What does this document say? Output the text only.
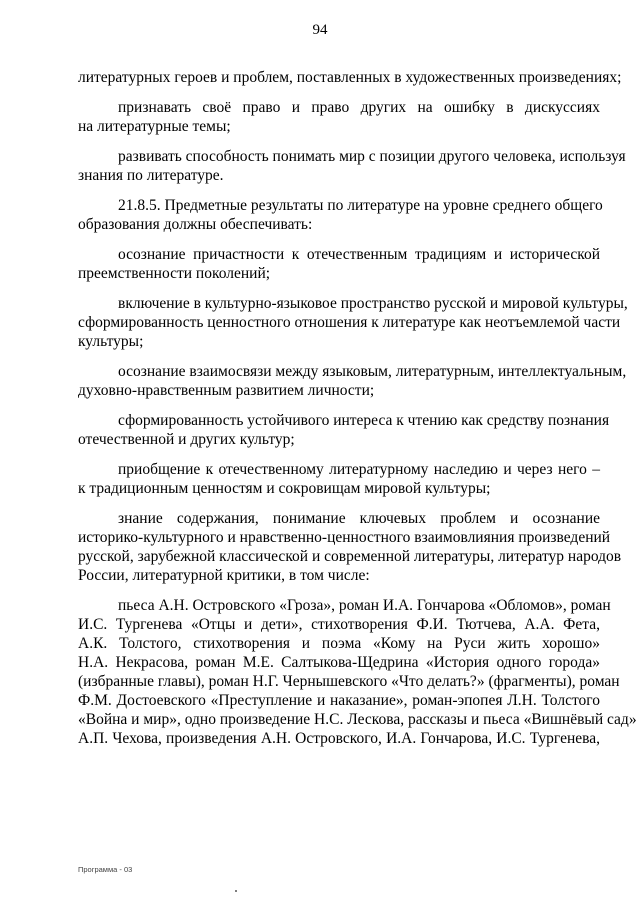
94
литературных героев и проблем, поставленных в художественных произведениях;
признавать своё право и право других на ошибку в дискуссиях
на литературные темы;
развивать способность понимать мир с позиции другого человека, используя
знания по литературе.
21.8.5. Предметные результаты по литературе на уровне среднего общего
образования должны обеспечивать:
осознание причастности к отечественным традициям и исторической
преемственности поколений;
включение в культурно-языковое пространство русской и мировой культуры,
сформированность ценностного отношения к литературе как неотъемлемой части
культуры;
осознание взаимосвязи между языковым, литературным, интеллектуальным,
духовно-нравственным развитием личности;
сформированность устойчивого интереса к чтению как средству познания
отечественной и других культур;
приобщение к отечественному литературному наследию и через него –
к традиционным ценностям и сокровищам мировой культуры;
знание содержания, понимание ключевых проблем и осознание
историко-культурного и нравственно-ценностного взаимовлияния произведений
русской, зарубежной классической и современной литературы, литератур народов
России, литературной критики, в том числе:
пьеса А.Н. Островского «Гроза», роман И.А. Гончарова «Обломов», роман
И.С. Тургенева «Отцы и дети», стихотворения Ф.И. Тютчева, А.А. Фета,
А.К. Толстого, стихотворения и поэма «Кому на Руси жить хорошо»
Н.А. Некрасова, роман М.Е. Салтыкова-Щедрина «История одного города»
(избранные главы), роман Н.Г. Чернышевского «Что делать?» (фрагменты), роман
Ф.М. Достоевского «Преступление и наказание», роман-эпопея Л.Н. Толстого
«Война и мир», одно произведение Н.С. Лескова, рассказы и пьеса «Вишнёвый сад»
А.П. Чехова, произведения А.Н. Островского, И.А. Гончарова, И.С. Тургенева,
Программа - 03
